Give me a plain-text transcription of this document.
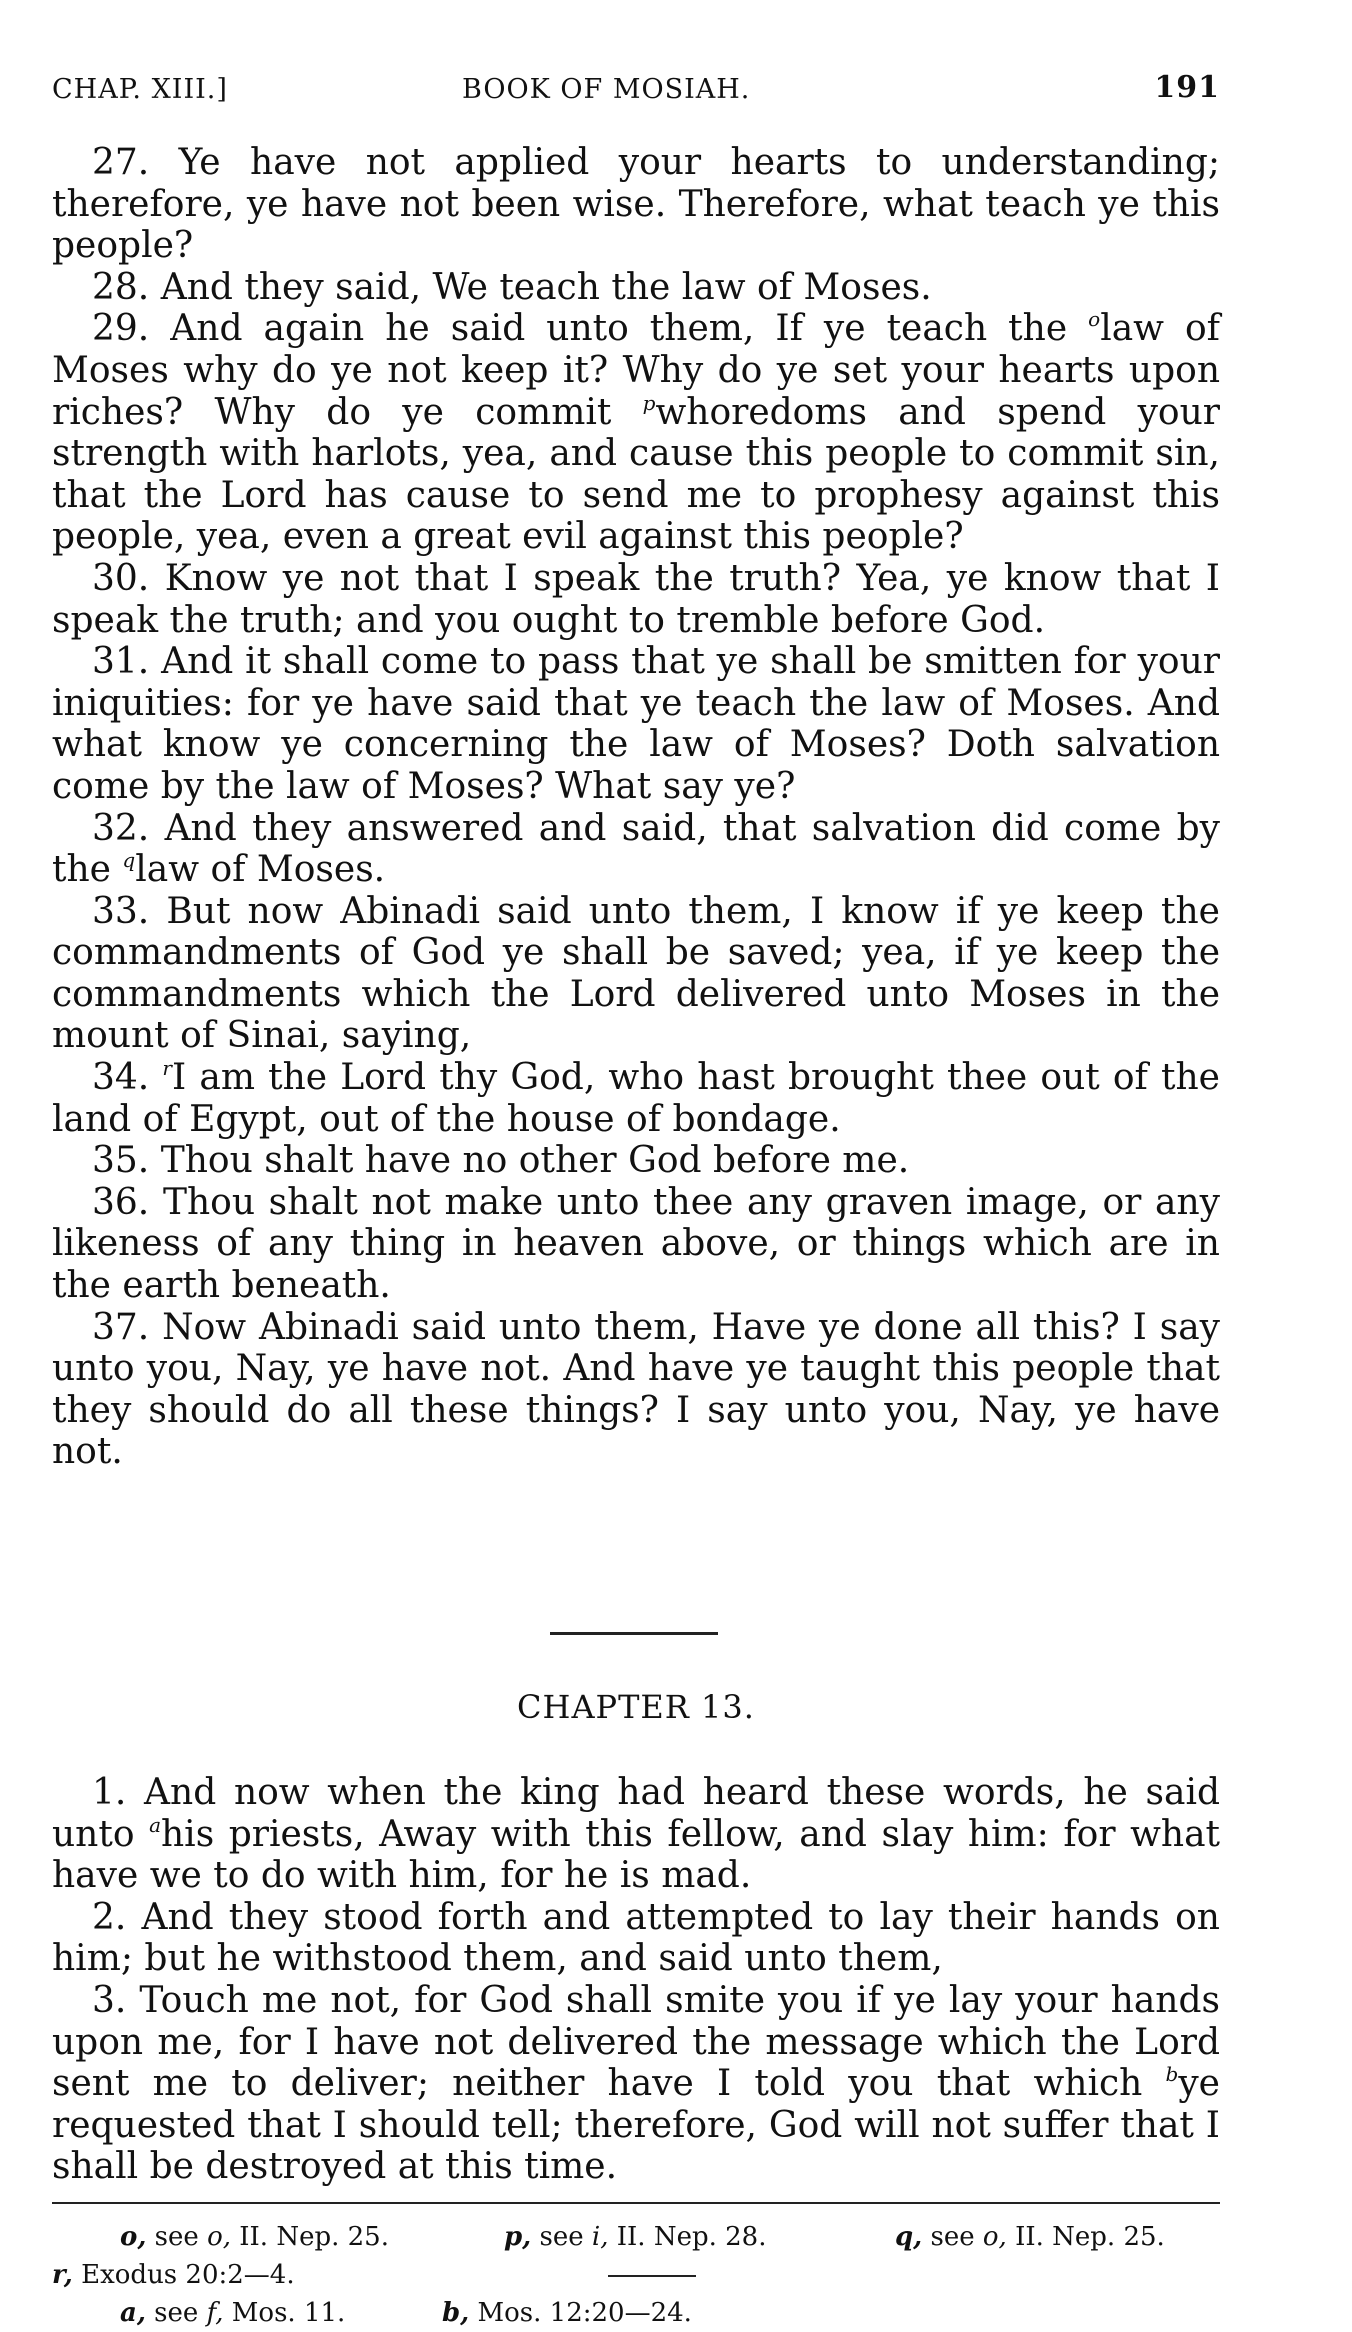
CHAP. XIII.]	BOOK OF MOSIAH.	191

27. Ye have not applied your hearts to understanding; therefore, ye have not been wise. Therefore, what teach ye this people?

28. And they said, We teach the law of Moses.

29. And again he said unto them, If ye teach the $^o$law of Moses why do ye not keep it? Why do ye set your hearts upon riches? Why do ye commit $^p$whoredoms and spend your strength with harlots, yea, and cause this people to commit sin, that the Lord has cause to send me to prophesy against this people, yea, even a great evil against this people?

30. Know ye not that I speak the truth? Yea, ye know that I speak the truth; and you ought to tremble before God.

31. And it shall come to pass that ye shall be smitten for your iniquities: for ye have said that ye teach the law of Moses. And what know ye concerning the law of Moses? Doth salvation come by the law of Moses? What say ye?

32. And they answered and said, that salvation did come by the $^q$law of Moses.

33. But now Abinadi said unto them, I know if ye keep the commandments of God ye shall be saved; yea, if ye keep the commandments which the Lord delivered unto Moses in the mount of Sinai, saying,

34. $^r$I am the Lord thy God, who hast brought thee out of the land of Egypt, out of the house of bondage.

35. Thou shalt have no other God before me.

36. Thou shalt not make unto thee any graven image, or any likeness of any thing in heaven above, or things which are in the earth beneath.

37. Now Abinadi said unto them, Have ye done all this? I say unto you, Nay, ye have not. And have ye taught this people that they should do all these things? I say unto you, Nay, ye have not.

CHAPTER 13.

1. And now when the king had heard these words, he said unto $^a$his priests, Away with this fellow, and slay him: for what have we to do with him, for he is mad.

2. And they stood forth and attempted to lay their hands on him; but he withstood them, and said unto them,

3. Touch me not, for God shall smite you if ye lay your hands upon me, for I have not delivered the message which the Lord sent me to deliver; neither have I told you that which $^b$ye requested that I should tell; therefore, God will not suffer that I shall be destroyed at this time.

o, see o, II. Nep. 25.	p, see i, II. Nep. 28.	q, see o, II. Nep. 25.
r, Exodus 20:2—4.
a, see f, Mos. 11.	b, Mos. 12:20—24.
